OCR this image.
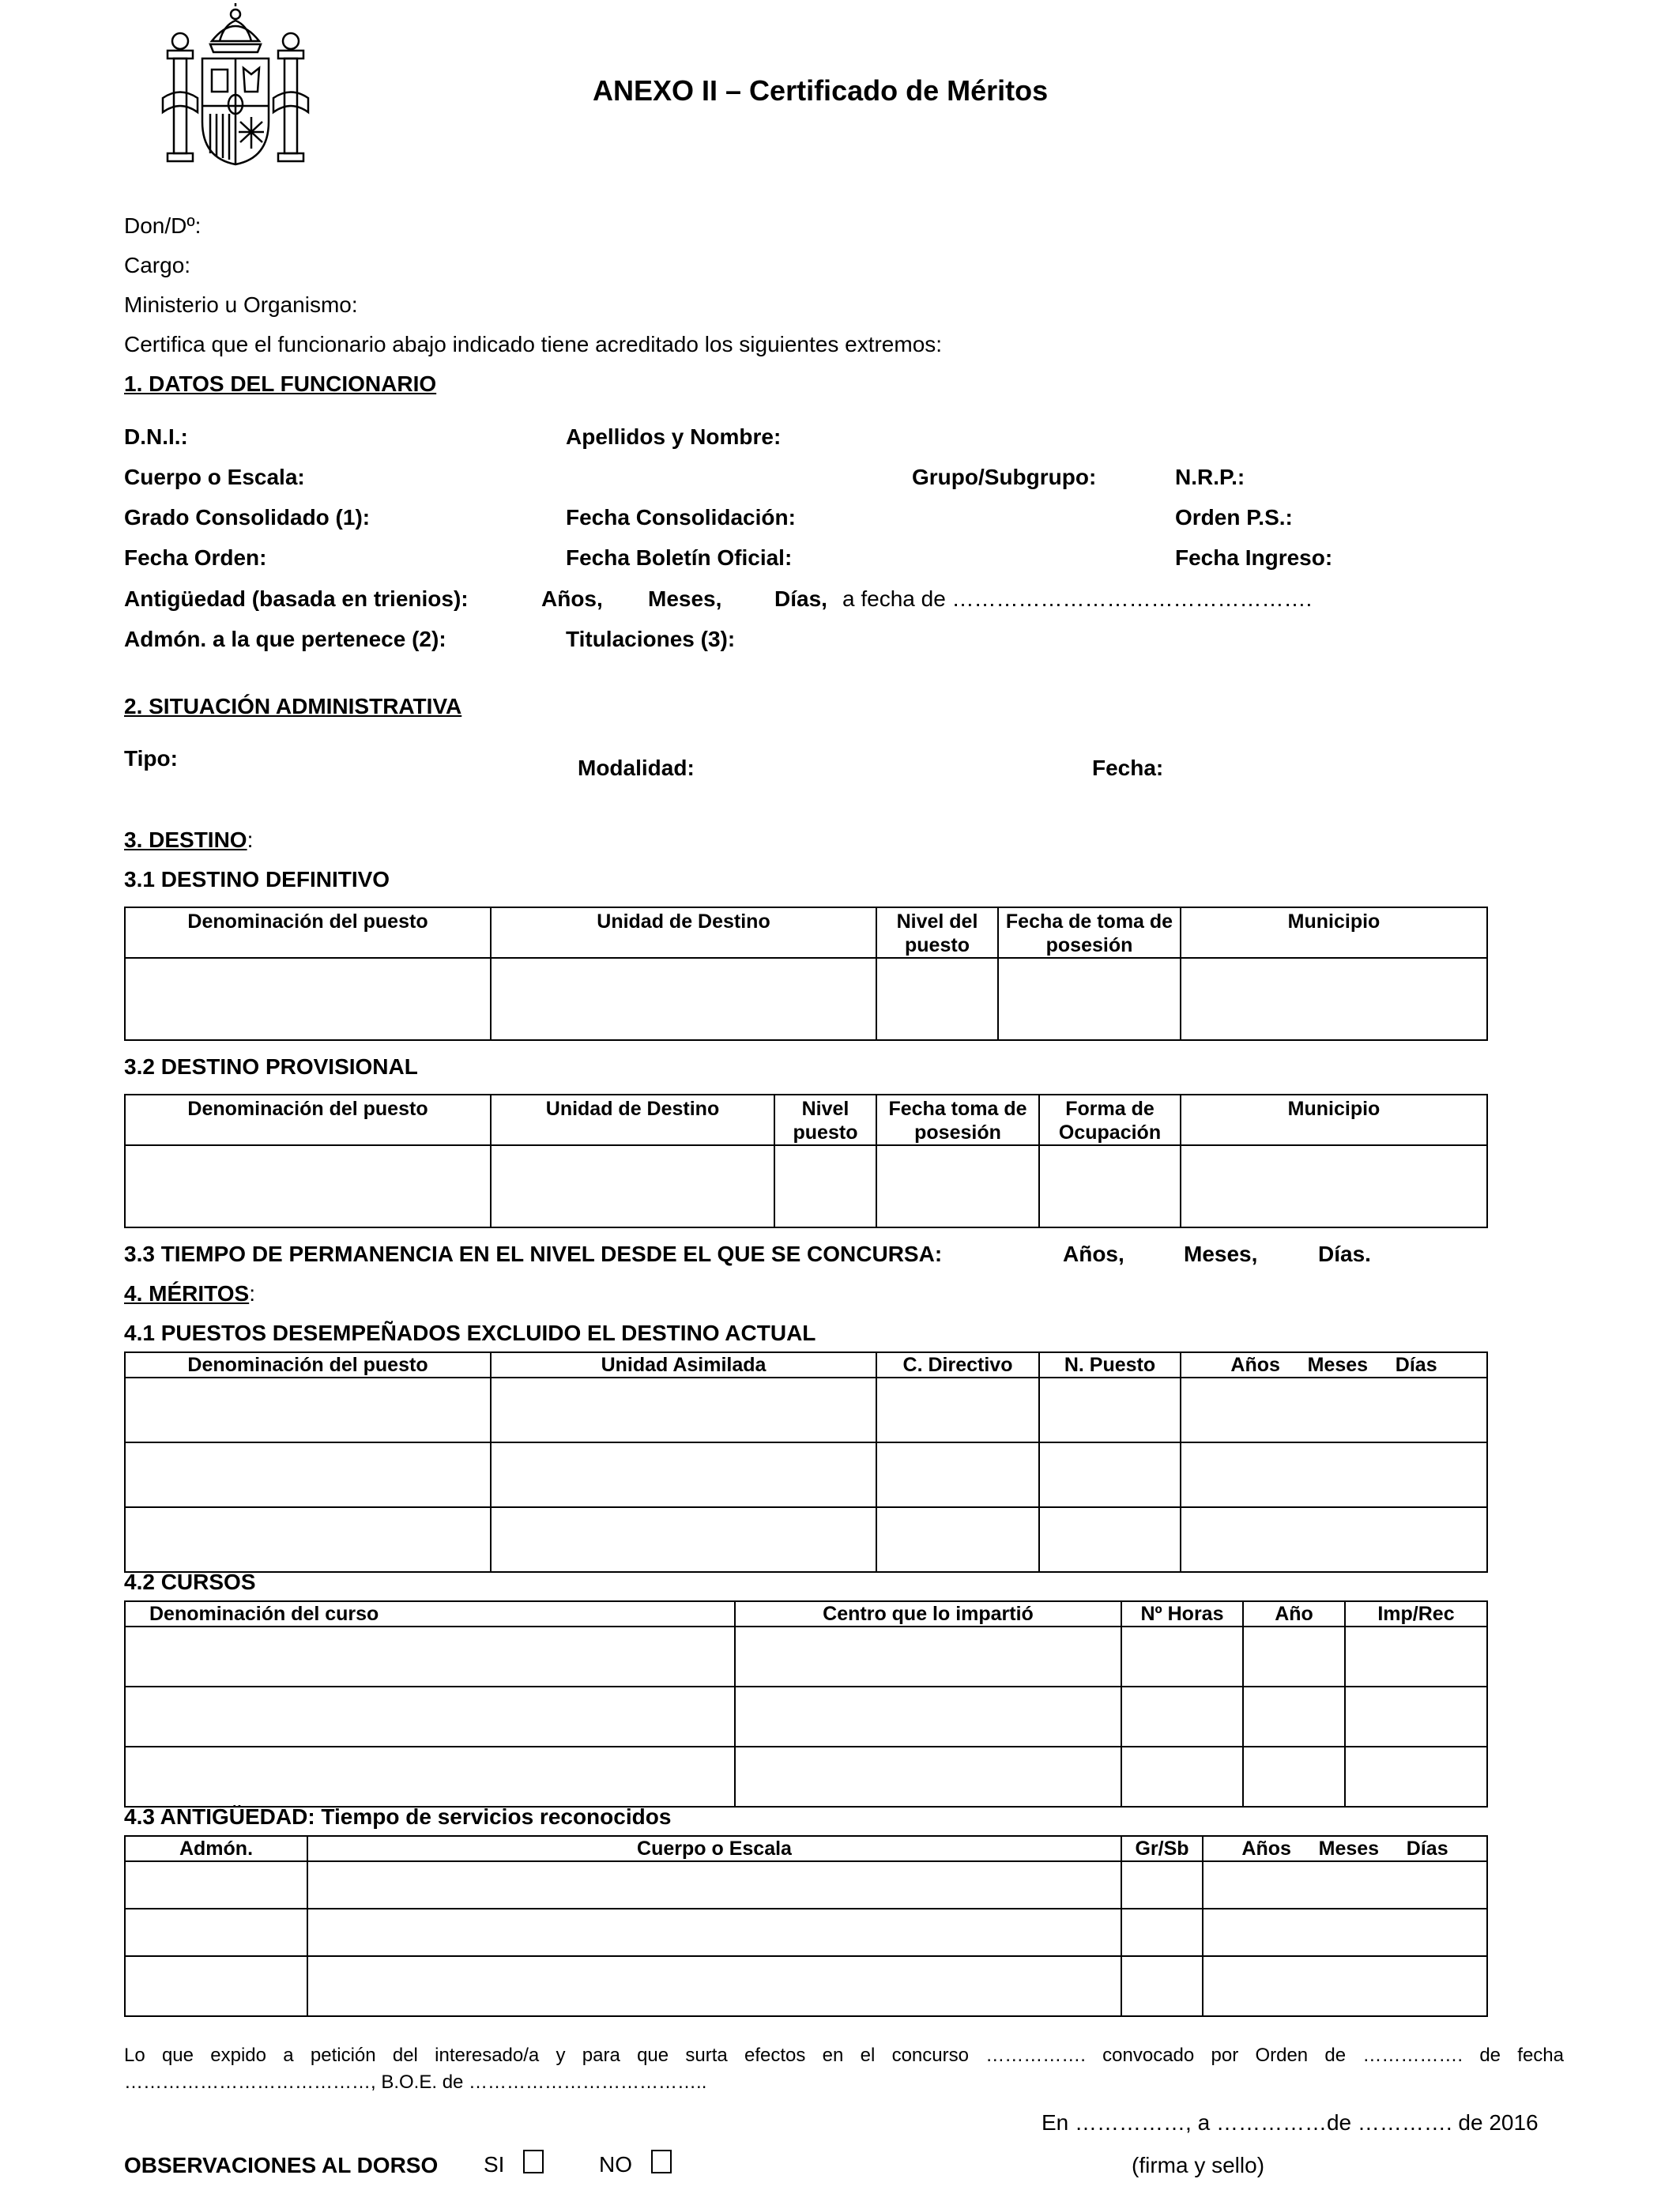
ANEXO II – Certificado de Méritos
Don/Dº:
Cargo:
Ministerio u Organismo:
Certifica que el funcionario abajo indicado tiene acreditado los siguientes extremos:
1. DATOS DEL FUNCIONARIO
D.N.I.:	Apellidos y Nombre:
Cuerpo o Escala:	Grupo/Subgrupo:	N.R.P.:
Grado Consolidado (1):	Fecha Consolidación:	Orden P.S.:
Fecha Orden:	Fecha Boletín Oficial:	Fecha Ingreso:
Antigüedad (basada en trienios):	Años, Meses, Días, a fecha de ………………………………………….
Admón. a la que pertenece (2):	Titulaciones (3):
2. SITUACIÓN ADMINISTRATIVA
Tipo:	Modalidad:	Fecha:
3. DESTINO:
3.1 DESTINO DEFINITIVO
Denominación del puesto	Unidad de Destino	Nivel del puesto	Fecha de toma de posesión	Municipio

3.2 DESTINO PROVISIONAL
Denominación del puesto	Unidad de Destino	Nivel puesto	Fecha toma de posesión	Forma de Ocupación	Municipio

3.3 TIEMPO DE PERMANENCIA EN EL NIVEL DESDE EL QUE SE CONCURSA:	Años,	Meses,	Días.
4. MÉRITOS:
4.1 PUESTOS DESEMPEÑADOS EXCLUIDO EL DESTINO ACTUAL
Denominación del puesto	Unidad Asimilada	C. Directivo	N. Puesto	Años     Meses     Días

4.2 CURSOS
Denominación del curso	Centro que lo impartió	Nº Horas	Año	Imp/Rec

4.3 ANTIGÜEDAD: Tiempo de servicios reconocidos
Admón.	Cuerpo o Escala	Gr/Sb	Años     Meses     Días

Lo que expido a petición del interesado/a y para que surta efectos en el concurso ……………. convocado por Orden de ……………. de fecha …………………………………, B.O.E. de ………………………………..
En ……………, a ……………de …………. de 2016
OBSERVACIONES AL DORSO SI	NO	(firma y sello)
